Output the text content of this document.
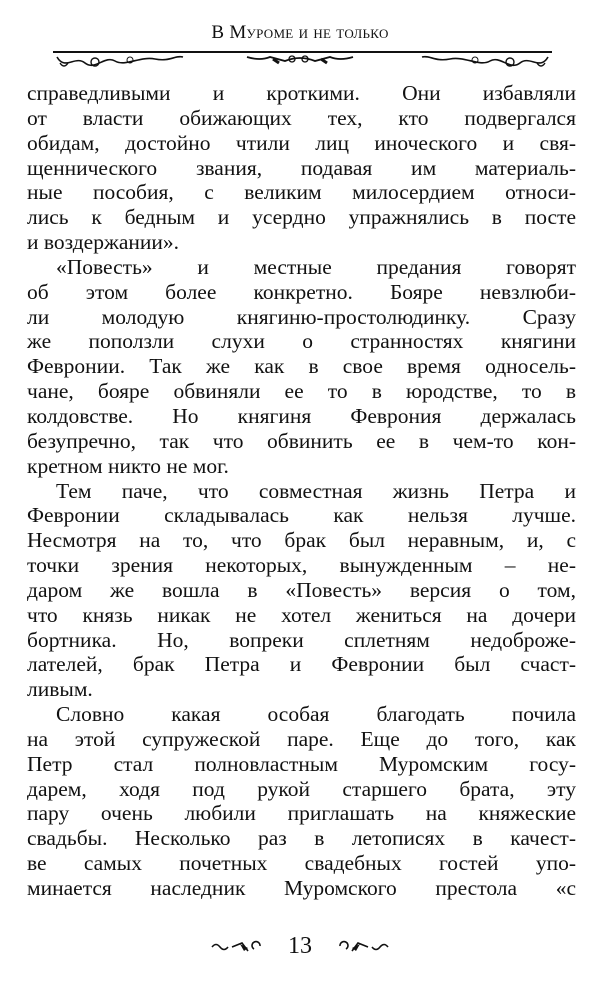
В Муроме и не только
справедливыми и кроткими. Они избавляли
от власти обижающих тех, кто подвергался
обидам, достойно чтили лиц иноческого и свя-
щеннического звания, подавая им материаль-
ные пособия, с великим милосердием относи-
лись к бедным и усердно упражнялись в посте
и воздержании».
«Повесть» и местные предания говорят
об этом более конкретно. Бояре невзлюби-
ли молодую княгиню-простолюдинку. Сразу
же поползли слухи о странностях княгини
Февронии. Так же как в свое время односель-
чане, бояре обвиняли ее то в юродстве, то в
колдовстве. Но княгиня Феврония держалась
безупречно, так что обвинить ее в чем-то кон-
кретном никто не мог.
Тем паче, что совместная жизнь Петра и
Февронии складывалась как нельзя лучше.
Несмотря на то, что брак был неравным, и, с
точки зрения некоторых, вынужденным – не-
даром же вошла в «Повесть» версия о том,
что князь никак не хотел жениться на дочери
бортника. Но, вопреки сплетням недоброже-
лателей, брак Петра и Февронии был счаст-
ливым.
Словно какая особая благодать почила
на этой супружеской паре. Еще до того, как
Петр стал полновластным Муромским госу-
дарем, ходя под рукой старшего брата, эту
пару очень любили приглашать на княжеские
свадьбы. Несколько раз в летописях в качест-
ве самых почетных свадебных гостей упо-
минается наследник Муромского престола «с
13
